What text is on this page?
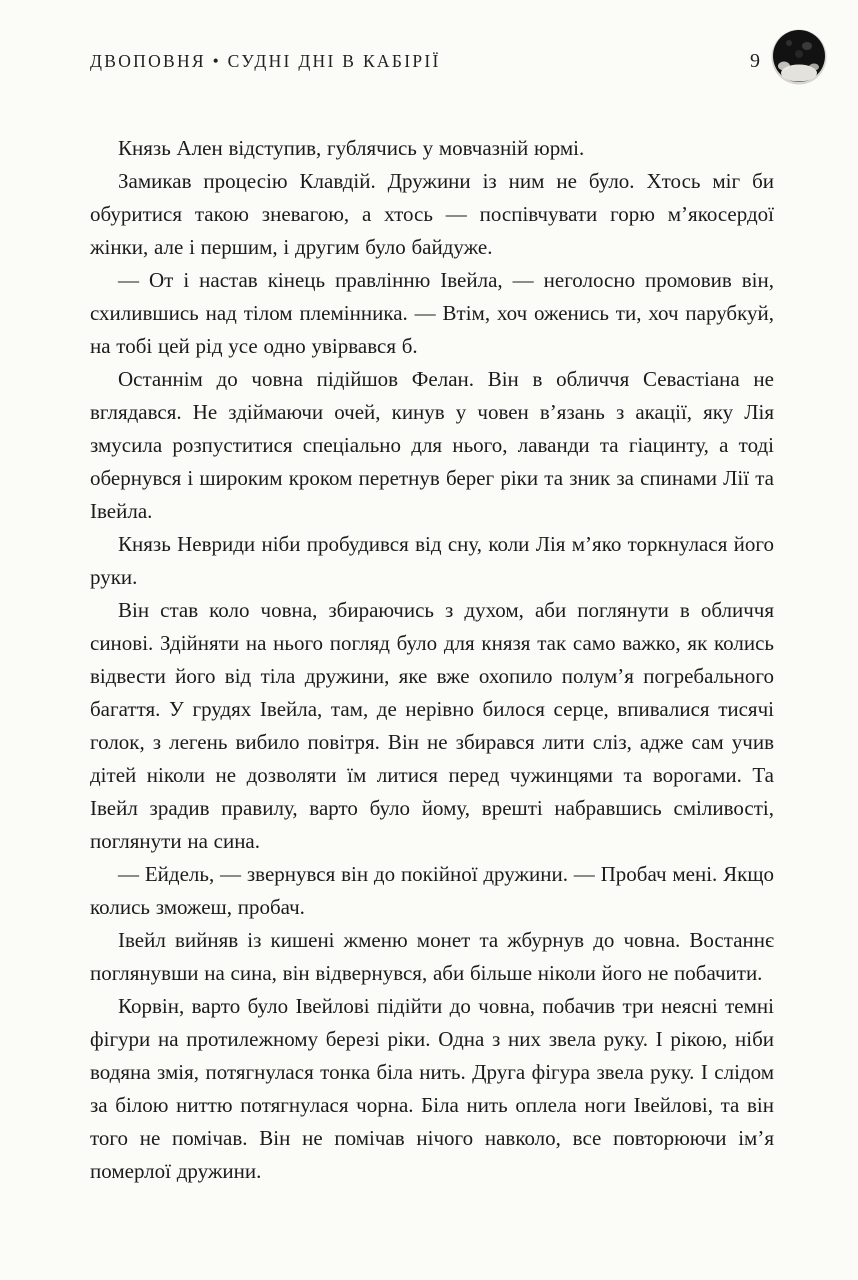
ДВОПОВНЯ • СУДНІ ДНІ В КАБІРІЇ	9

Князь Ален відступив, гублячись у мовчазній юрмі.

Замикав процесію Клавдій. Дружини із ним не було. Хтось міг би обуритися такою зневагою, а хтось — поспівчувати горю м’якосердої жінки, але і першим, і другим було байдуже.

— От і настав кінець правлінню Івейла, — неголосно промовив він, схилившись над тілом племінника. — Втім, хоч оженись ти, хоч парубкуй, на тобі цей рід усе одно увірвався б.

Останнім до човна підійшов Фелан. Він в обличчя Севастіана не вглядався. Не здіймаючи очей, кинув у човен в’язань з акації, яку Лія змусила розпуститися спеціально для нього, лаванди та гіацинту, а тоді обернувся і широким кроком перетнув берег ріки та зник за спинами Лії та Івейла.

Князь Невриди ніби пробудився від сну, коли Лія м’яко торкнулася його руки.

Він став коло човна, збираючись з духом, аби поглянути в обличчя синові. Здійняти на нього погляд було для князя так само важко, як колись відвести його від тіла дружини, яке вже охопило полум’я погребального багаття. У грудях Івейла, там, де нерівно билося серце, впивалися тисячі голок, з легень вибило повітря. Він не збирався лити сліз, адже сам учив дітей ніколи не дозволяти їм литися перед чужинцями та ворогами. Та Івейл зрадив правилу, варто було йому, врешті набравшись сміливості, поглянути на сина.

— Ейдель, — звернувся він до покійної дружини. — Пробач мені. Якщо колись зможеш, пробач.

Івейл вийняв із кишені жменю монет та жбурнув до човна. Востаннє поглянувши на сина, він відвернувся, аби більше ніколи його не побачити.

Корвін, варто було Івейлові підійти до човна, побачив три неясні темні фігури на протилежному березі ріки. Одна з них звела руку. І рікою, ніби водяна змія, потягнулася тонка біла нить. Друга фігура звела руку. І слідом за білою ниттю потягнулася чорна. Біла нить оплела ноги Івейлові, та він того не помічав. Він не помічав нічого навколо, все повторюючи ім’я померлої дружини.
